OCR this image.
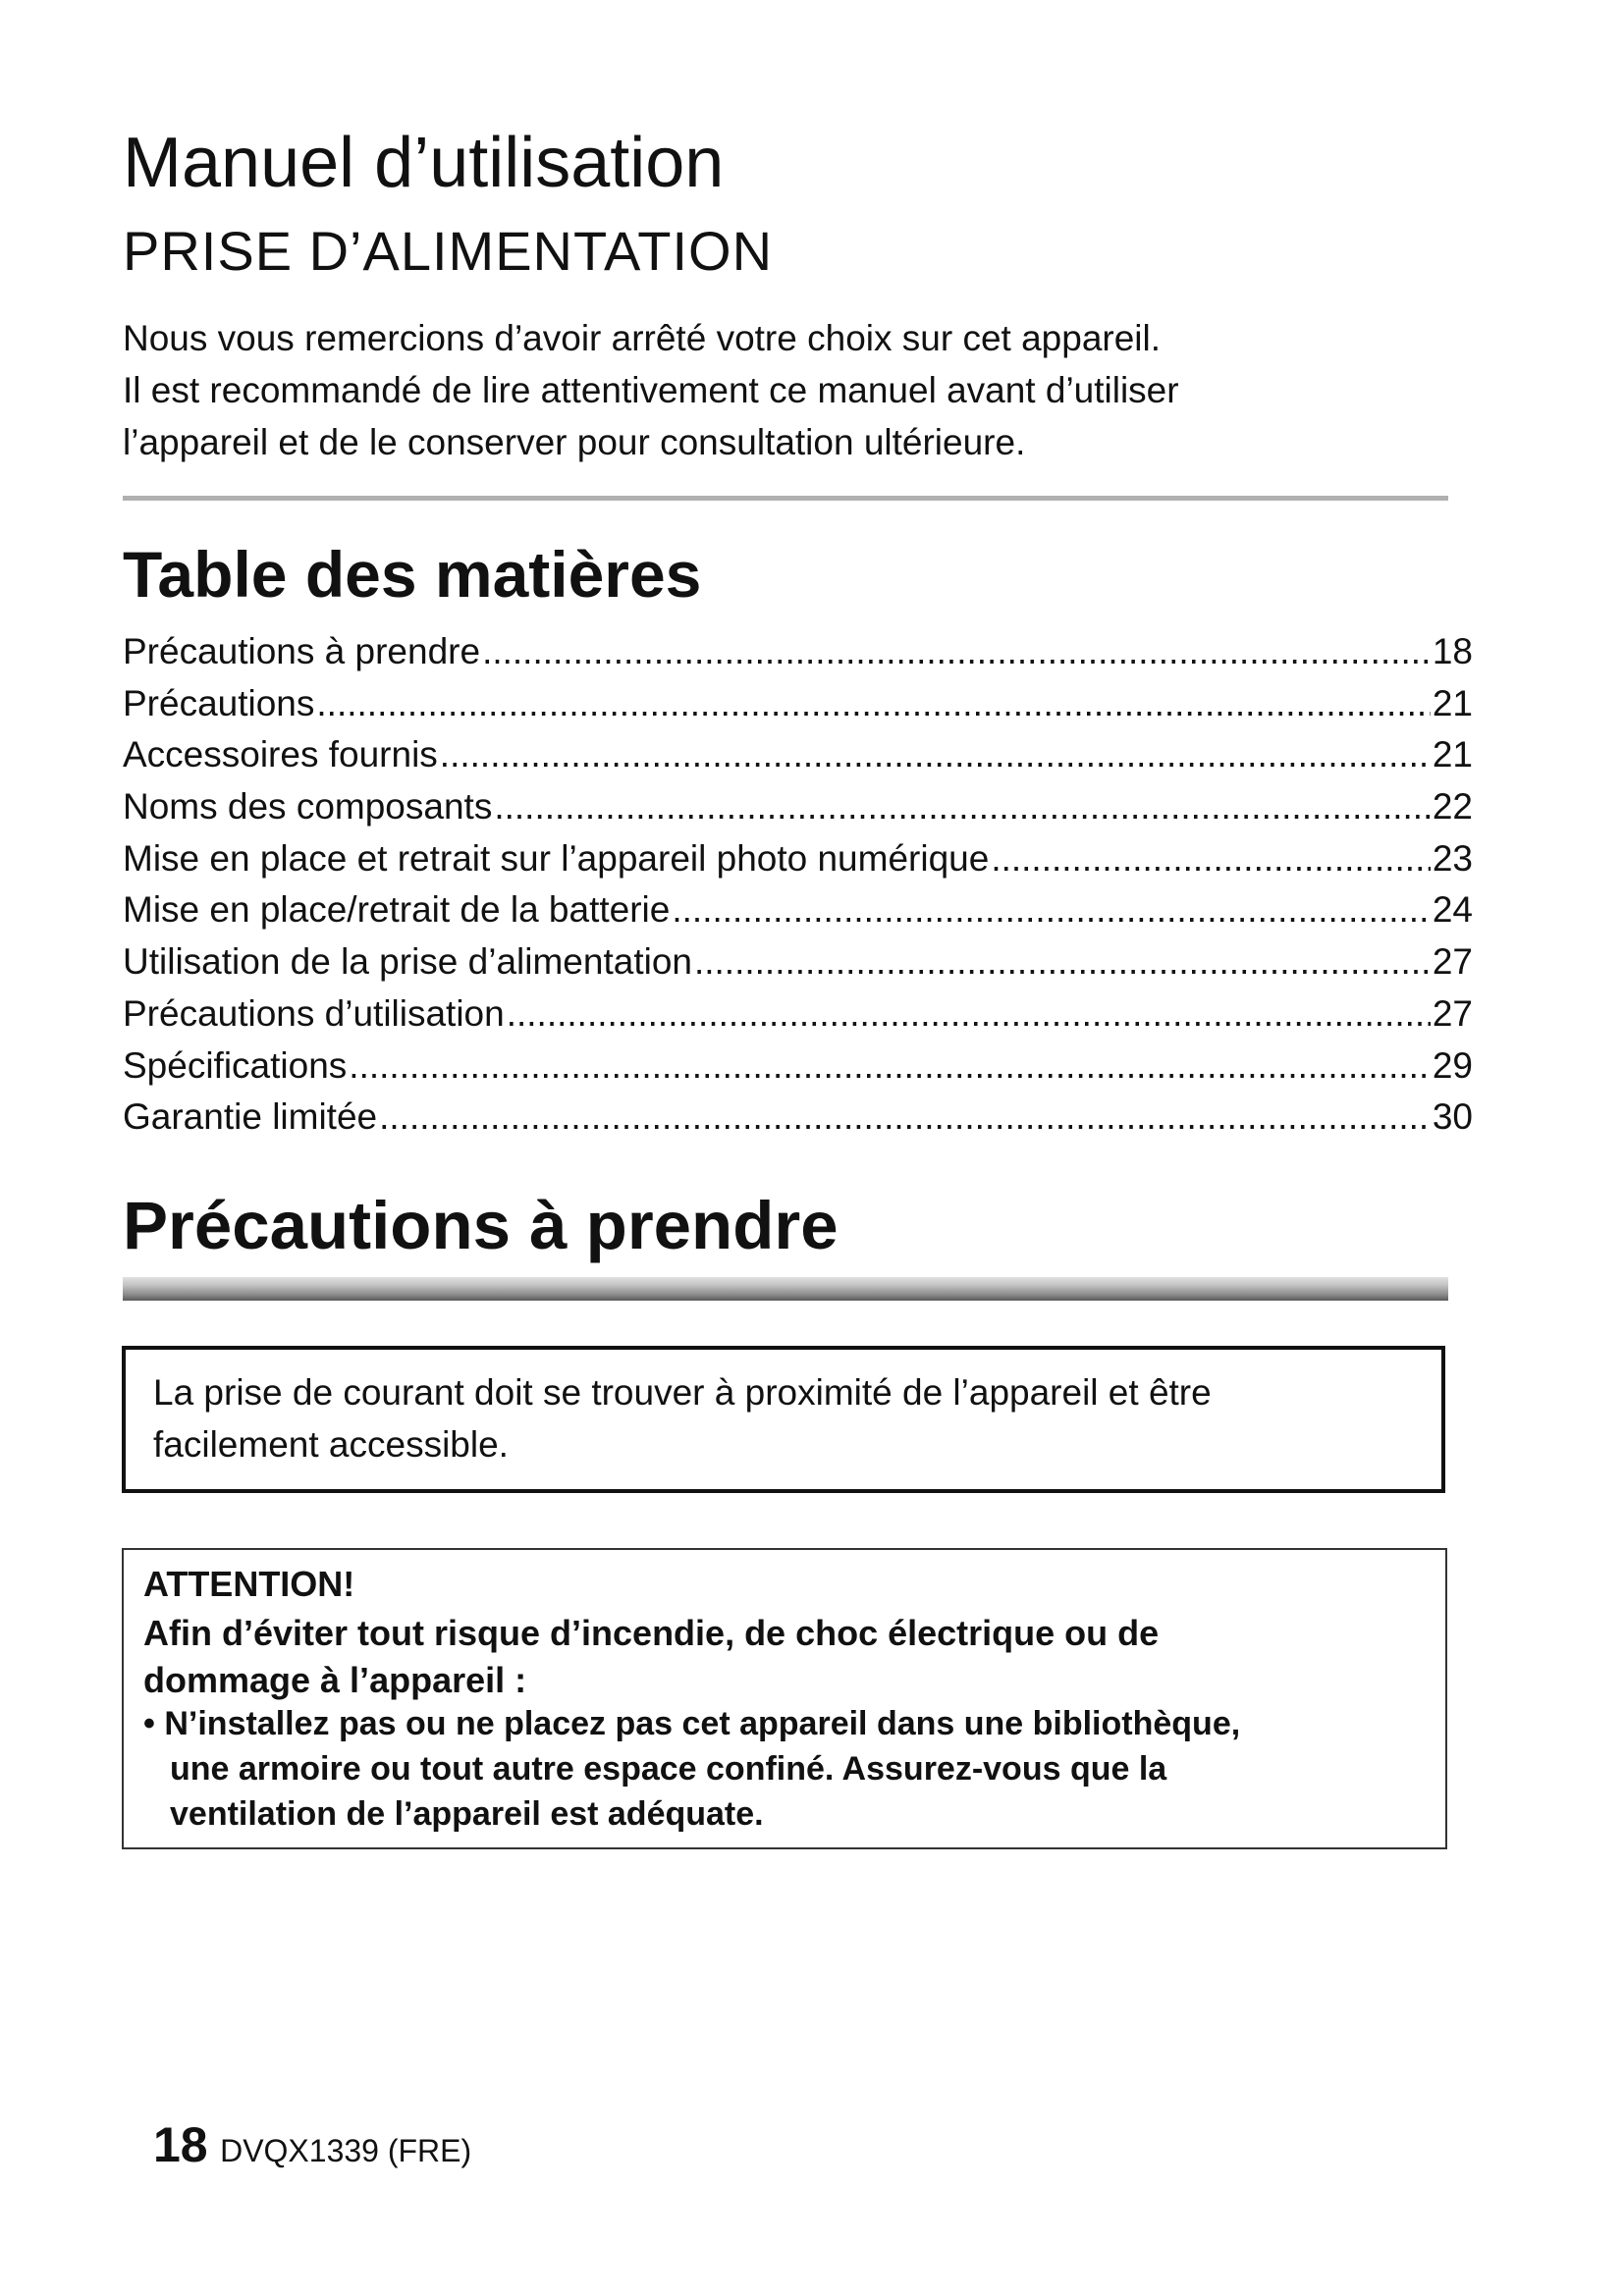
Manuel d’utilisation
PRISE D’ALIMENTATION
Nous vous remercions d’avoir arrêté votre choix sur cet appareil.
Il est recommandé de lire attentivement ce manuel avant d’utiliser
l’appareil et de le conserver pour consultation ultérieure.
Table des matières
Précautions à prendre .....	18
Précautions .....	21
Accessoires fournis .....	21
Noms des composants .....	22
Mise en place et retrait sur l’appareil photo numérique .....	23
Mise en place/retrait de la batterie .....	24
Utilisation de la prise d’alimentation .....	27
Précautions d’utilisation .....	27
Spécifications .....	29
Garantie limitée .....	30
Précautions à prendre
La prise de courant doit se trouver à proximité de l’appareil et être
facilement accessible.
ATTENTION!
Afin d’éviter tout risque d’incendie, de choc électrique ou de
dommage à l’appareil :
• N’installez pas ou ne placez pas cet appareil dans une bibliothèque,
une armoire ou tout autre espace confiné. Assurez-vous que la
ventilation de l’appareil est adéquate.
18 DVQX1339 (FRE)
